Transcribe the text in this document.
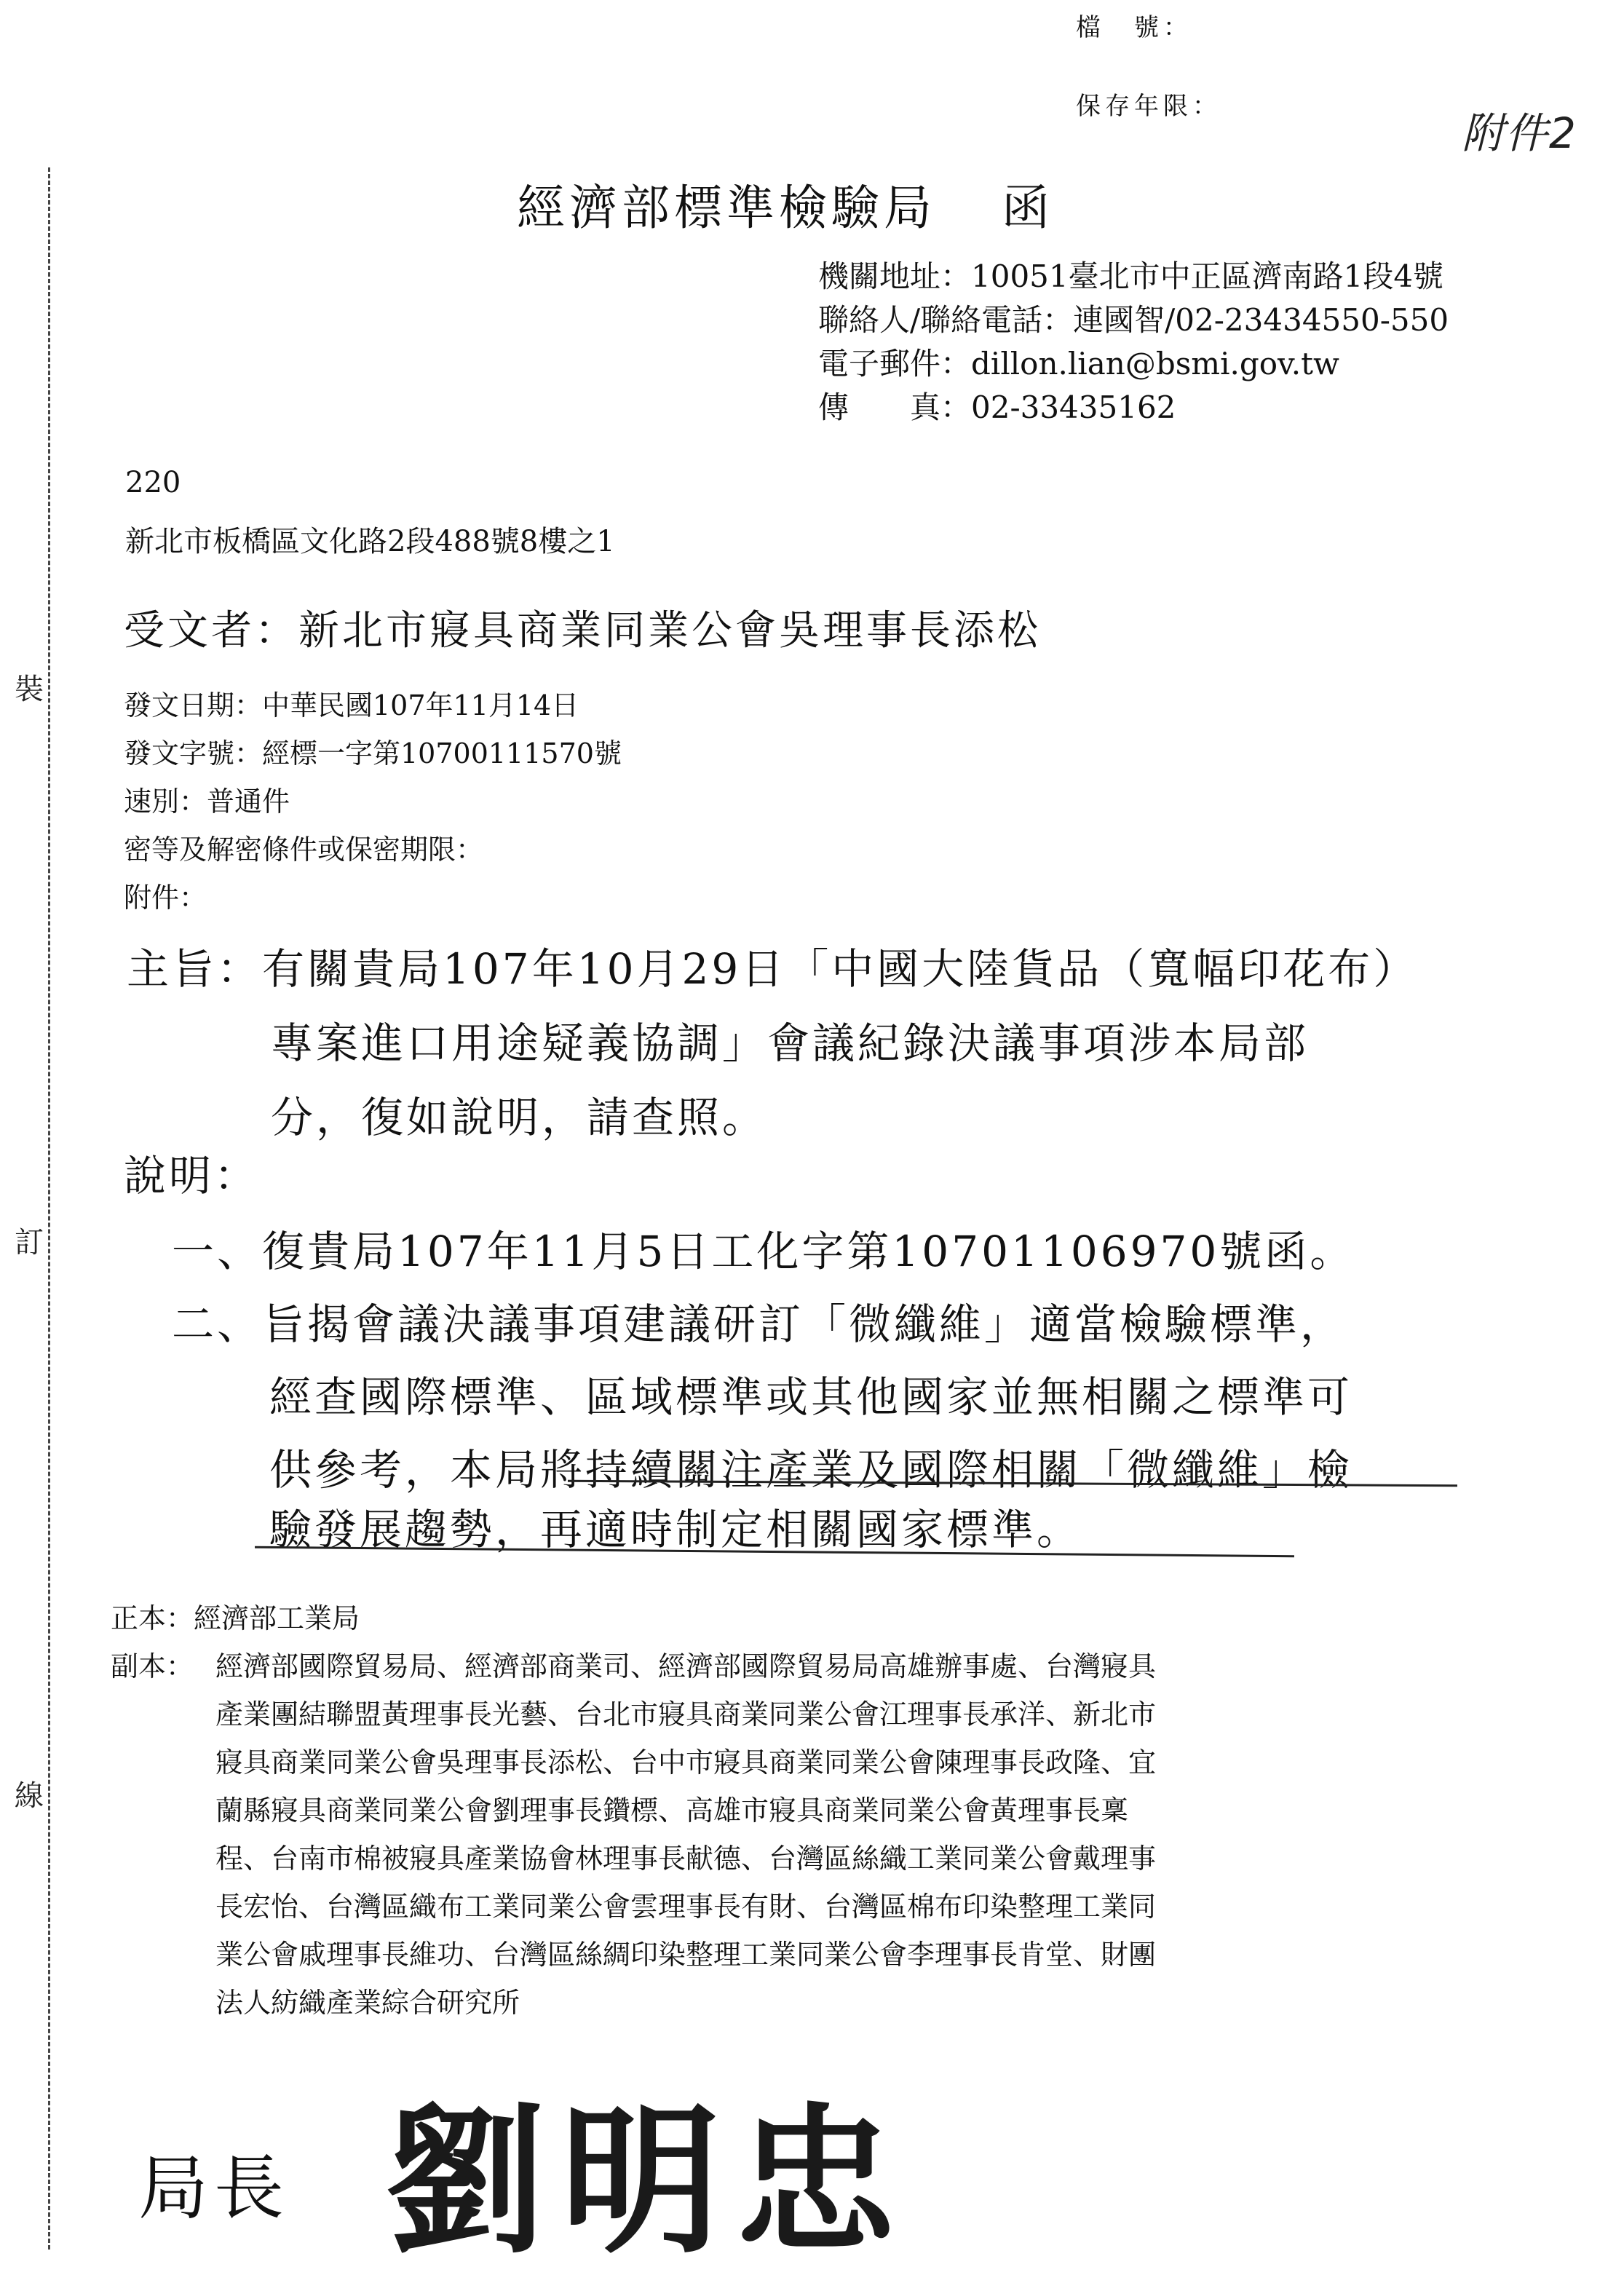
裝
訂
線
檔　號：
保存年限：
附件2
經濟部標準檢驗局 函
機關地址：10051臺北市中正區濟南路1段4號
聯絡人/聯絡電話：連國智/02-23434550-550
電子郵件：dillon.lian@bsmi.gov.tw
傳　　真：02-33435162
220
新北市板橋區文化路2段488號8樓之1
受文者：新北市寢具商業同業公會吳理事長添松
發文日期：中華民國107年11月14日
發文字號：經標一字第10700111570號
速別：普通件
密等及解密條件或保密期限：
附件：
主旨：有關貴局107年10月29日「中國大陸貨品（寬幅印花布）
專案進口用途疑義協調」會議紀錄決議事項涉本局部
分，復如說明，請查照。
說明：
一、復貴局107年11月5日工化字第10701106970號函。
二、旨揭會議決議事項建議研訂「微纖維」適當檢驗標準，
經查國際標準、區域標準或其他國家並無相關之標準可
供參考，本局將持續關注產業及國際相關「微纖維」檢
驗發展趨勢，再適時制定相關國家標準。
正本：經濟部工業局
副本： 經濟部國際貿易局、經濟部商業司、經濟部國際貿易局高雄辦事處、台灣寢具
產業團結聯盟黃理事長光藝、台北市寢具商業同業公會江理事長承洋、新北市
寢具商業同業公會吳理事長添松、台中市寢具商業同業公會陳理事長政隆、宜
蘭縣寢具商業同業公會劉理事長鑽標、高雄市寢具商業同業公會黃理事長稟
程、台南市棉被寢具產業協會林理事長献德、台灣區絲織工業同業公會戴理事
長宏怡、台灣區織布工業同業公會雲理事長有財、台灣區棉布印染整理工業同
業公會戚理事長維功、台灣區絲綢印染整理工業同業公會李理事長肯堂、財團
法人紡織產業綜合研究所
局長 劉明忠
